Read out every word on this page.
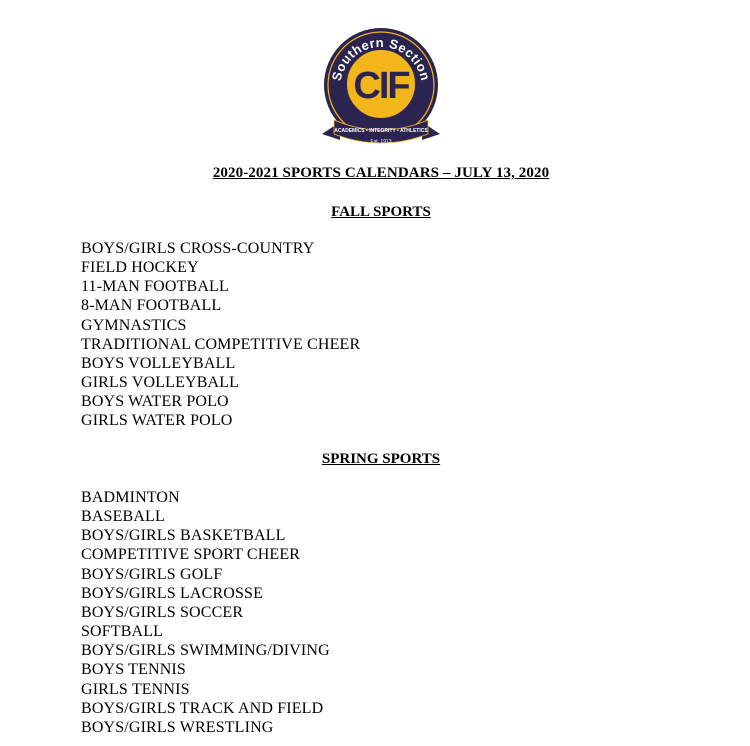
Southern Section
CIF
ACADEMICS • INTEGRITY • ATHLETICS
Est. 1913
2020-2021 SPORTS CALENDARS – JULY 13, 2020
FALL SPORTS
BOYS/GIRLS CROSS-COUNTRY
FIELD HOCKEY
11-MAN FOOTBALL
8-MAN FOOTBALL
GYMNASTICS
TRADITIONAL COMPETITIVE CHEER
BOYS VOLLEYBALL
GIRLS VOLLEYBALL
BOYS WATER POLO
GIRLS WATER POLO
SPRING SPORTS
BADMINTON
BASEBALL
BOYS/GIRLS BASKETBALL
COMPETITIVE SPORT CHEER
BOYS/GIRLS GOLF
BOYS/GIRLS LACROSSE
BOYS/GIRLS SOCCER
SOFTBALL
BOYS/GIRLS SWIMMING/DIVING
BOYS TENNIS
GIRLS TENNIS
BOYS/GIRLS TRACK AND FIELD
BOYS/GIRLS WRESTLING
